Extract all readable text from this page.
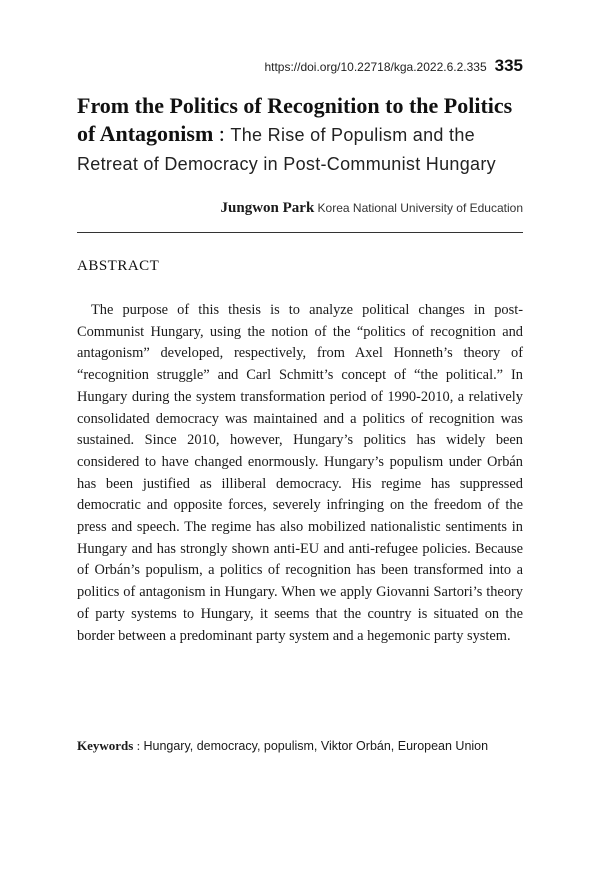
https://doi.org/10.22718/kga.2022.6.2.335 335
From the Politics of Recognition to the Politics of Antagonism : The Rise of Populism and the Retreat of Democracy in Post-Communist Hungary
Jungwon Park Korea National University of Education
ABSTRACT

The purpose of this thesis is to analyze political changes in post-Communist Hungary, using the notion of the “politics of recognition and antagonism” developed, respectively, from Axel Honneth’s theory of “recognition struggle” and Carl Schmitt’s concept of “the political.” In Hungary during the system transformation period of 1990-2010, a relatively consolidated democracy was maintained and a politics of recognition was sustained. Since 2010, however, Hungary’s politics has widely been considered to have changed enormously. Hungary’s populism under Orbán has been justified as illiberal democracy. His regime has suppressed democratic and opposite forces, severely infringing on the freedom of the press and speech. The regime has also mobilized nationalistic sentiments in Hungary and has strongly shown anti-EU and anti-refugee policies. Because of Orbán’s populism, a politics of recognition has been transformed into a politics of antagonism in Hungary. When we apply Giovanni Sartori’s theory of party systems to Hungary, it seems that the country is situated on the border between a predominant party system and a hegemonic party system.

Keywords : Hungary, democracy, populism, Viktor Orbán, European Union
